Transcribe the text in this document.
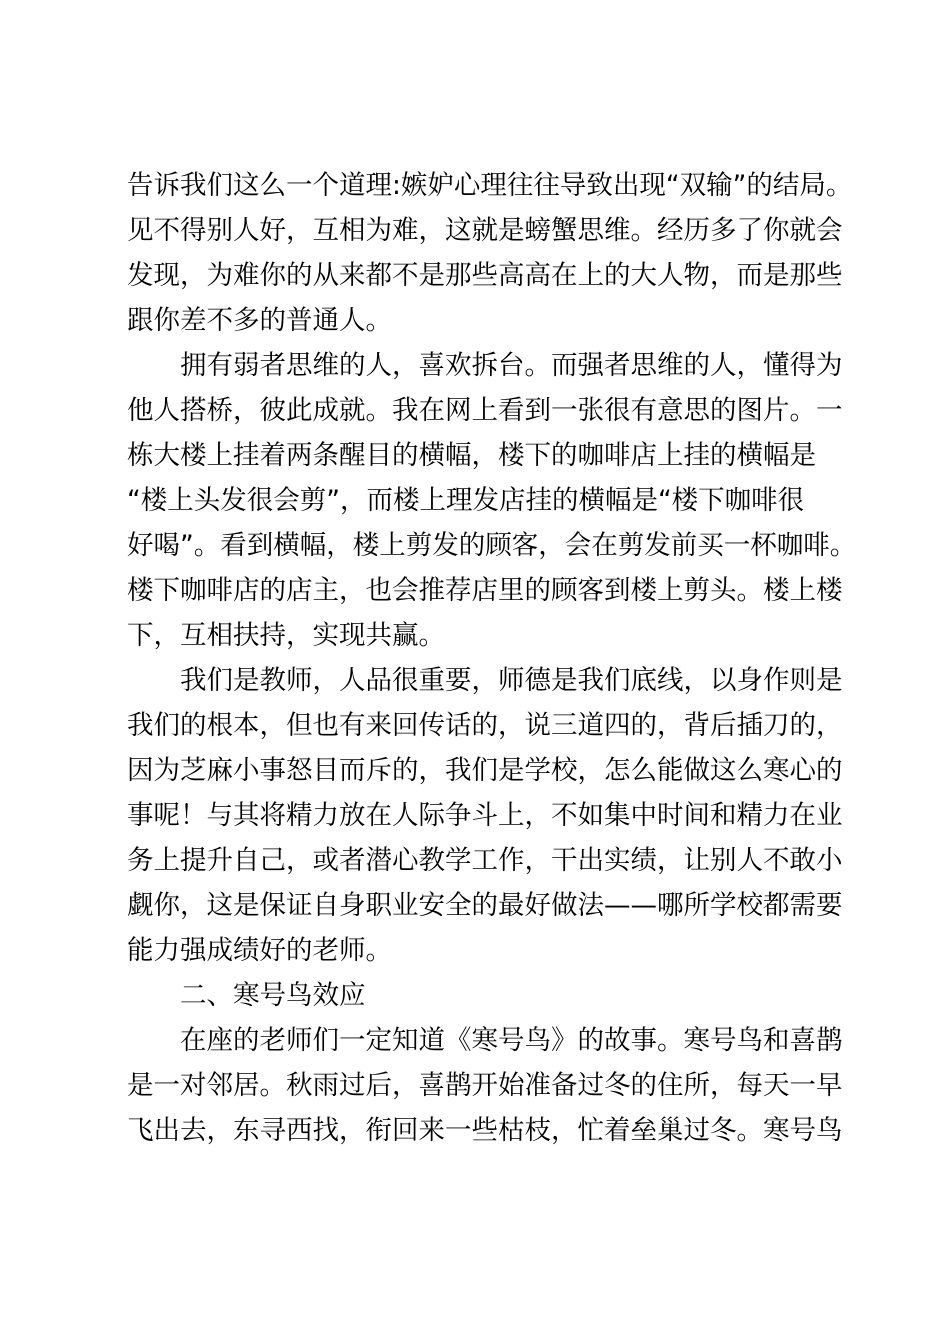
告诉我们这么一个道理:嫉妒心理往往导致出现“双输”的结局。
见不得别人好，互相为难，这就是螃蟹思维。经历多了你就会
发现，为难你的从来都不是那些高高在上的大人物，而是那些
跟你差不多的普通人。
拥有弱者思维的人，喜欢拆台。而强者思维的人，懂得为
他人搭桥，彼此成就。我在网上看到一张很有意思的图片。一
栋大楼上挂着两条醒目的横幅，楼下的咖啡店上挂的横幅是
“楼上头发很会剪”，而楼上理发店挂的横幅是“楼下咖啡很
好喝”。看到横幅，楼上剪发的顾客，会在剪发前买一杯咖啡。
楼下咖啡店的店主，也会推荐店里的顾客到楼上剪头。楼上楼
下，互相扶持，实现共赢。
我们是教师，人品很重要，师德是我们底线，以身作则是
我们的根本，但也有来回传话的，说三道四的，背后插刀的，
因为芝麻小事怒目而斥的，我们是学校，怎么能做这么寒心的
事呢！与其将精力放在人际争斗上，不如集中时间和精力在业
务上提升自己，或者潜心教学工作，干出实绩，让别人不敢小
觑你，这是保证自身职业安全的最好做法——哪所学校都需要
能力强成绩好的老师。
二、寒号鸟效应
在座的老师们一定知道《寒号鸟》的故事。寒号鸟和喜鹊
是一对邻居。秋雨过后，喜鹊开始准备过冬的住所，每天一早
飞出去，东寻西找，衔回来一些枯枝，忙着垒巢过冬。寒号鸟
